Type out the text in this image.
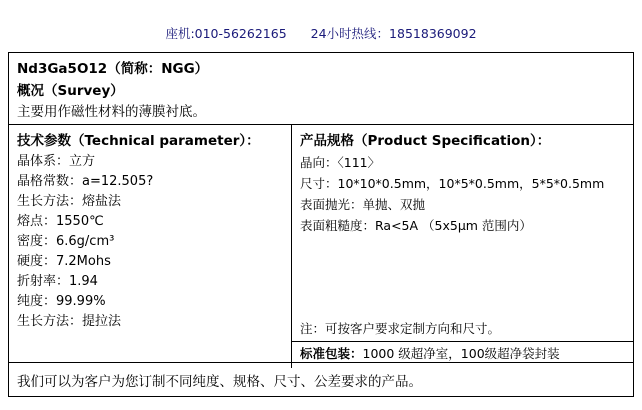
座机:010-56262165 24小时热线：18518369092
Nd3Ga5O12（简称：NGG）
概况（Survey）
主要用作磁性材料的薄膜衬底。
技术参数（Technical parameter）：
晶体系：立方
晶格常数：a=12.505?
生长方法：熔盐法
熔点：1550℃
密度：6.6g/cm³
硬度：7.2Mohs
折射率：1.94
纯度：99.99%
生长方法：提拉法
产品规格（Product Specification）：
晶向：〈111〉
尺寸：10*10*0.5mm，10*5*0.5mm，5*5*0.5mm
表面抛光：单抛、双抛
表面粗糙度：Ra<5A （5x5μm 范围内）
注：可按客户要求定制方向和尺寸。
标准包装：1000 级超净室，100级超净袋封装
我们可以为客户为您订制不同纯度、规格、尺寸、公差要求的产品。
